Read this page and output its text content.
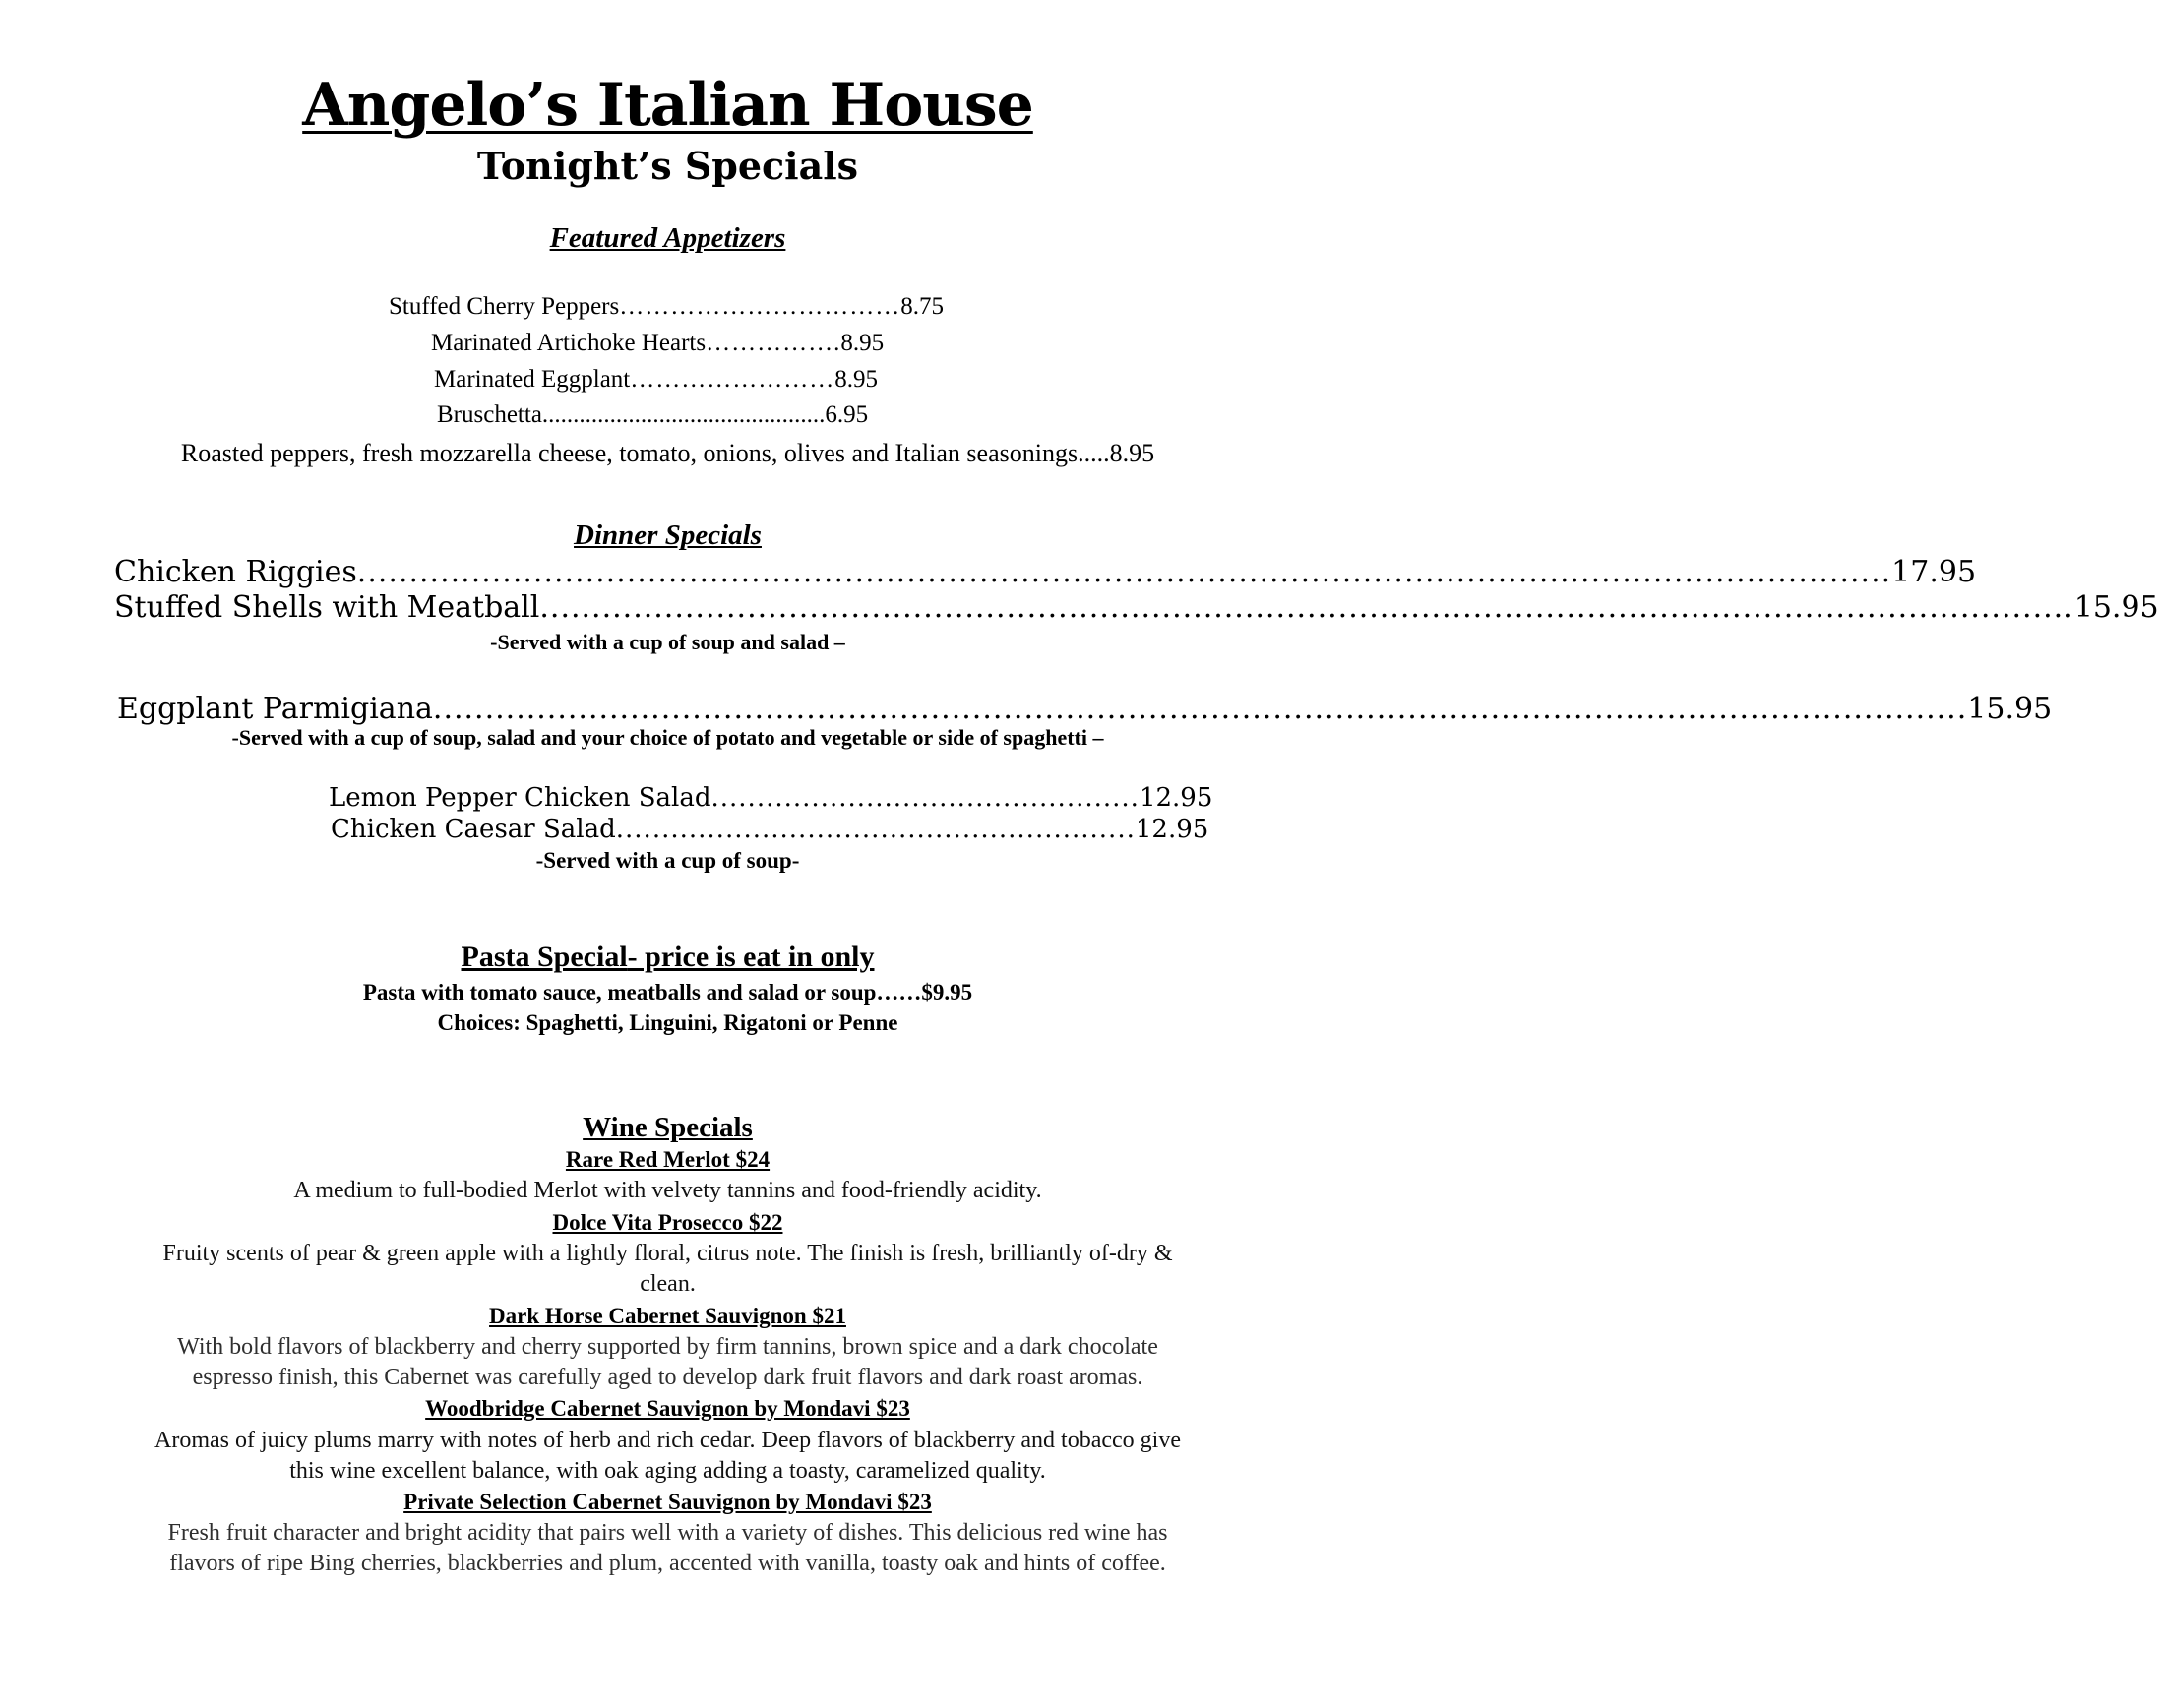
Angelo’s Italian House
Tonight’s Specials
Featured Appetizers
Stuffed Cherry Peppers……………………………8.75
Marinated Artichoke Hearts…………….8.95
Marinated Eggplant……………………8.95
Bruschetta..............................................6.95
Roasted peppers, fresh mozzarella cheese, tomato, onions, olives and Italian seasonings.....8.95
Dinner Specials
Chicken Riggies .................................................................................................................................................... 17.95
Stuffed Shells with Meatball .................................................................................................................................................... 15.95
-Served with a cup of soup and salad –
Eggplant Parmigiana .................................................................................................................................................... 15.95
-Served with a cup of soup, salad and your choice of potato and vegetable or side of spaghetti –
Lemon Pepper Chicken Salad ............................................... 12.95
Chicken Caesar Salad ......................................................... 12.95
-Served with a cup of soup-
Pasta Special- price is eat in only
Pasta with tomato sauce, meatballs and salad or soup……$9.95
Choices: Spaghetti, Linguini, Rigatoni or Penne
Wine Specials
Rare Red Merlot $24
A medium to full-bodied Merlot with velvety tannins and food-friendly acidity.
Dolce Vita Prosecco $22
Fruity scents of pear & green apple with a lightly floral, citrus note. The finish is fresh, brilliantly of-dry &
clean.
Dark Horse Cabernet Sauvignon $21
With bold flavors of blackberry and cherry supported by firm tannins, brown spice and a dark chocolate
espresso finish, this Cabernet was carefully aged to develop dark fruit flavors and dark roast aromas.
Woodbridge Cabernet Sauvignon by Mondavi $23
Aromas of juicy plums marry with notes of herb and rich cedar. Deep flavors of blackberry and tobacco give
this wine excellent balance, with oak aging adding a toasty, caramelized quality.
Private Selection Cabernet Sauvignon by Mondavi $23
Fresh fruit character and bright acidity that pairs well with a variety of dishes. This delicious red wine has
flavors of ripe Bing cherries, blackberries and plum, accented with vanilla, toasty oak and hints of coffee.
